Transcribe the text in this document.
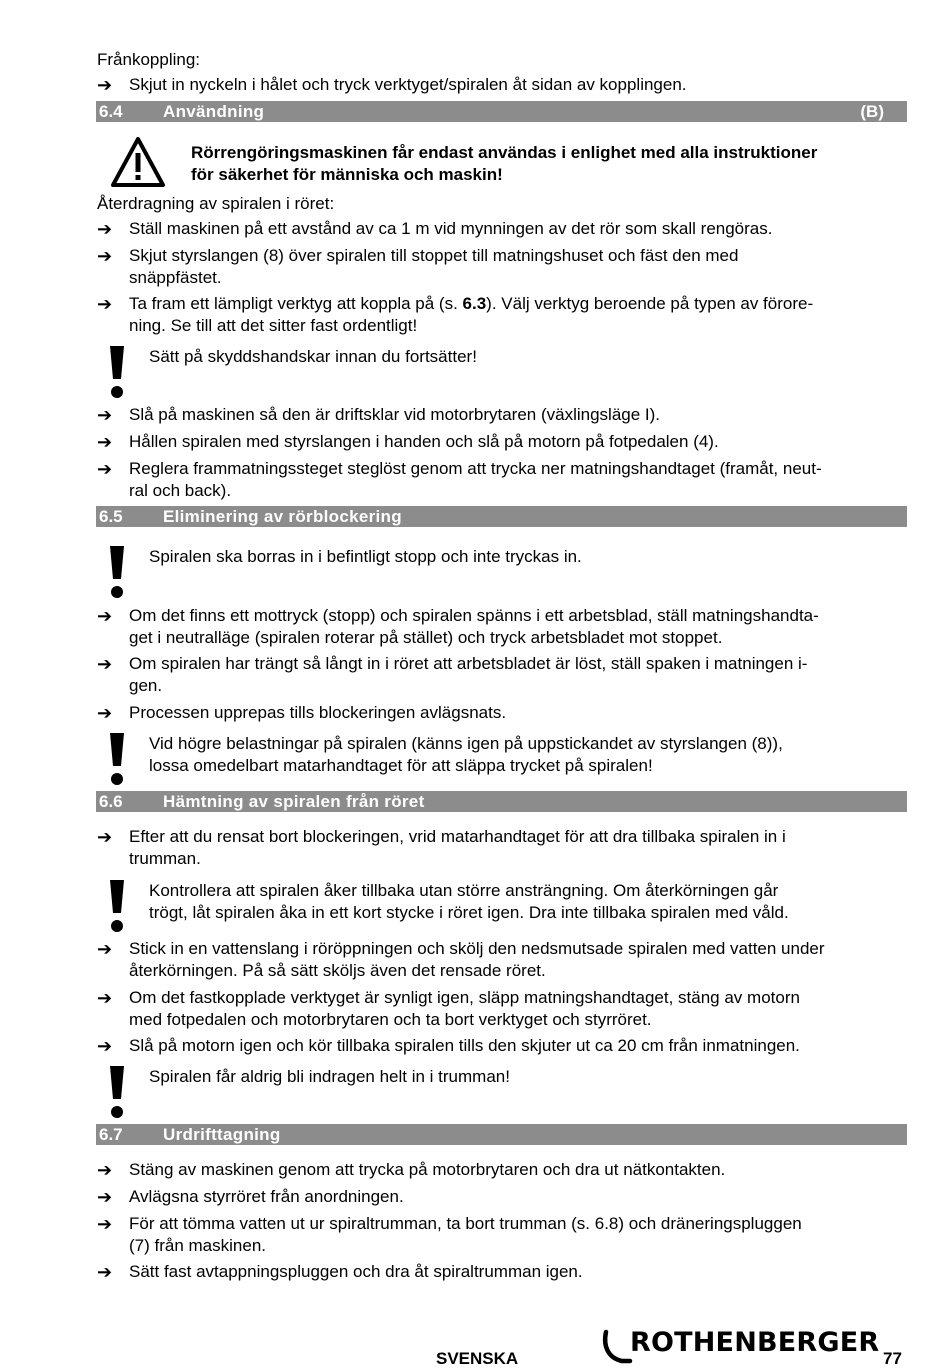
Frånkoppling:
➔ Skjut in nyckeln i hålet och tryck verktyget/spiralen åt sidan av kopplingen.
6.4 Användning	(B)
Rörrengöringsmaskinen får endast användas i enlighet med alla instruktioner
för säkerhet för människa och maskin!
Återdragning av spiralen i röret:
➔ Ställ maskinen på ett avstånd av ca 1 m vid mynningen av det rör som skall rengöras.
➔ Skjut styrslangen (8) över spiralen till stoppet till matningshuset och fäst den med
snäppfästet.
➔ Ta fram ett lämpligt verktyg att koppla på (s. 6.3). Välj verktyg beroende på typen av förore-
ning. Se till att det sitter fast ordentligt!
Sätt på skyddshandskar innan du fortsätter!
➔ Slå på maskinen så den är driftsklar vid motorbrytaren (växlingsläge I).
➔ Hållen spiralen med styrslangen i handen och slå på motorn på fotpedalen (4).
➔ Reglera frammatningssteget steglöst genom att trycka ner matningshandtaget (framåt, neut-
ral och back).
6.5 Eliminering av rörblockering
Spiralen ska borras in i befintligt stopp och inte tryckas in.
➔ Om det finns ett mottryck (stopp) och spiralen spänns i ett arbetsblad, ställ matningshandta-
get i neutralläge (spiralen roterar på stället) och tryck arbetsbladet mot stoppet.
➔ Om spiralen har trängt så långt in i röret att arbetsbladet är löst, ställ spaken i matningen i-
gen.
➔ Processen upprepas tills blockeringen avlägsnats.
Vid högre belastningar på spiralen (känns igen på uppstickandet av styrslangen (8)),
lossa omedelbart matarhandtaget för att släppa trycket på spiralen!
6.6 Hämtning av spiralen från röret
➔ Efter att du rensat bort blockeringen, vrid matarhandtaget för att dra tillbaka spiralen in i
trumman.
Kontrollera att spiralen åker tillbaka utan större ansträngning. Om återkörningen går
trögt, låt spiralen åka in ett kort stycke i röret igen. Dra inte tillbaka spiralen med våld.
➔ Stick in en vattenslang i röröppningen och skölj den nedsmutsade spiralen med vatten under
återkörningen. På så sätt sköljs även det rensade röret.
➔ Om det fastkopplade verktyget är synligt igen, släpp matningshandtaget, stäng av motorn
med fotpedalen och motorbrytaren och ta bort verktyget och styrröret.
➔ Slå på motorn igen och kör tillbaka spiralen tills den skjuter ut ca 20 cm från inmatningen.
Spiralen får aldrig bli indragen helt in i trumman!
6.7 Urdrifttagning
➔ Stäng av maskinen genom att trycka på motorbrytaren och dra ut nätkontakten.
➔ Avlägsna styrröret från anordningen.
➔ För att tömma vatten ut ur spiraltrumman, ta bort trumman (s. 6.8) och dräneringspluggen
(7) från maskinen.
➔ Sätt fast avtappningspluggen och dra åt spiraltrumman igen.
SVENSKA
ROTHENBERGER
77
